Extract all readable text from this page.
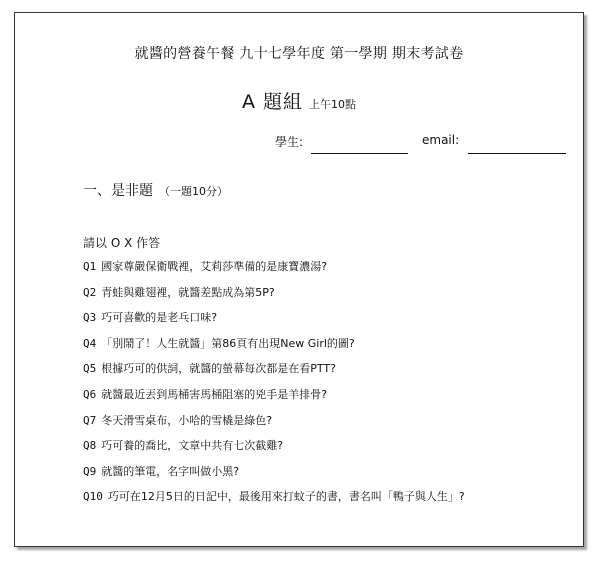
就醬的營養午餐 九十七學年度 第一學期 期末考試卷
A 題組 上午10點
學生:	email:
一、是非題 （一題10分）
請以 O X 作答
Q1 國家尊嚴保衛戰裡，艾莉莎準備的是康寶濃湯?
Q2 青蛙與雞翅裡，就醬差點成為第5P?
Q3 巧可喜歡的是老乓口味?
Q4 「別鬧了！人生就醬」第86頁有出現New Girl的圖?
Q5 根據巧可的供詞，就醬的螢幕每次都是在看PTT?
Q6 就醬最近丟到馬桶害馬桶阻塞的兇手是羊排骨?
Q7 冬天滑雪桌布，小哈的雪橇是綠色?
Q8 巧可養的喬比，文章中共有七次截雞?
Q9 就醬的筆電，名字叫做小黑?
Q10 巧可在12月5日的日記中，最後用來打蚊子的書，書名叫「鴨子與人生」?
